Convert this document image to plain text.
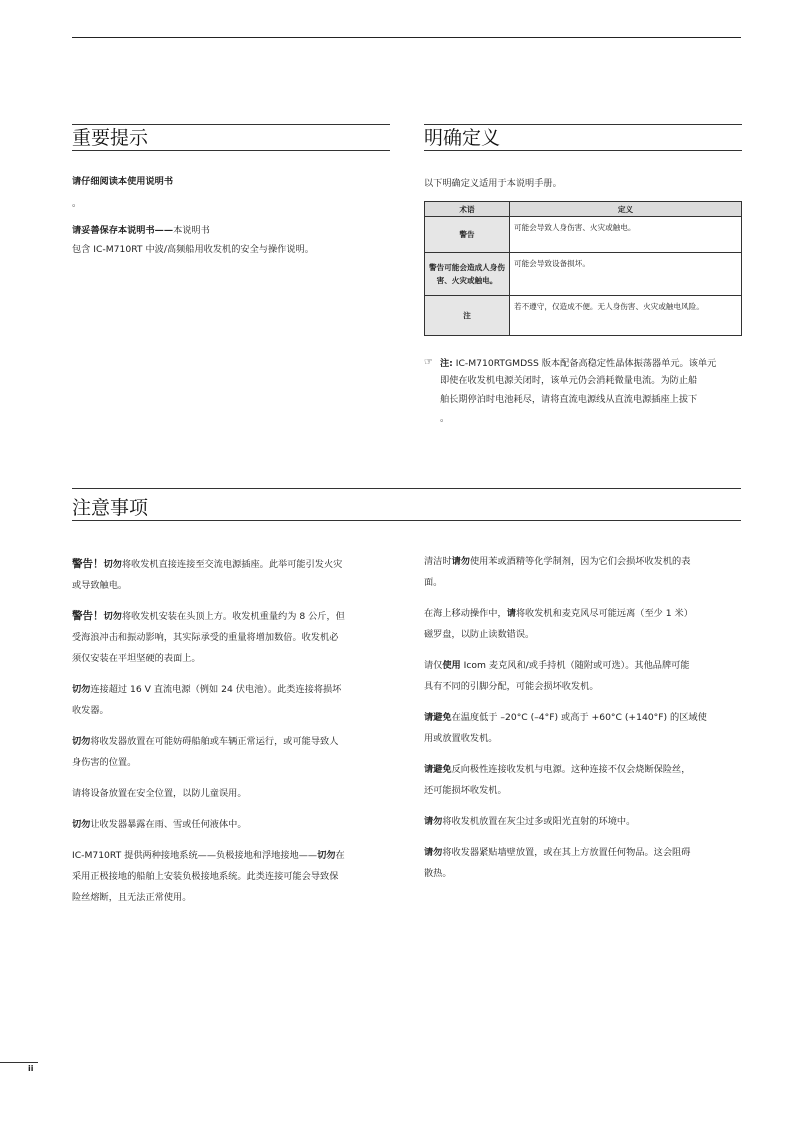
重要提示

请仔细阅读本使用说明书

。

请妥善保存本说明书——本说明书

包含 IC-M710RT 中波/高频船用收发机的安全与操作说明。

明确定义
以下明确定义适用于本说明手册。
术语	定义
警告	可能会导致人身伤害、火灾或触电。
警告可能会造成人身伤害、火灾或触电。	可能会导致设备损坏。
注	若不遵守，仅造成不便。无人身伤害、火灾或触电风险。
☞ 注: IC-M710RTGMDSS 版本配备高稳定性晶体振荡器单元。该单元

即使在收发机电源关闭时，该单元仍会消耗微量电流。为防止船

舶长期停泊时电池耗尽，请将直流电源线从直流电源插座上拔下

。

注意事项

警告！切勿将收发机直接连接至交流电源插座。此举可能引发火灾

或导致触电。

警告！切勿将收发机安装在头顶上方。收发机重量约为 8 公斤，但

受海浪冲击和振动影响，其实际承受的重量将增加数倍。收发机必

须仅安装在平坦坚硬的表面上。

切勿连接超过 16 V 直流电源（例如 24 伏电池）。此类连接将损坏

收发器。

切勿将收发器放置在可能妨碍船舶或车辆正常运行，或可能导致人

身伤害的位置。

请将设备放置在安全位置，以防儿童误用。

切勿让收发器暴露在雨、雪或任何液体中。

IC-M710RT 提供两种接地系统——负极接地和浮地接地——切勿在

采用正极接地的船舶上安装负极接地系统。此类连接可能会导致保

险丝熔断，且无法正常使用。

清洁时请勿使用苯或酒精等化学制剂，因为它们会损坏收发机的表

面。

在海上移动操作中，请将收发机和麦克风尽可能远离（至少 1 米）

磁罗盘，以防止读数错误。

请仅使用 Icom 麦克风和/或手持机（随附或可选）。其他品牌可能

具有不同的引脚分配，可能会损坏收发机。

请避免在温度低于 –20°C (–4°F) 或高于 +60°C (+140°F) 的区域使

用或放置收发机。

请避免反向极性连接收发机与电源。这种连接不仅会烧断保险丝，

还可能损坏收发机。

请勿将收发机放置在灰尘过多或阳光直射的环境中。

请勿将收发器紧贴墙壁放置，或在其上方放置任何物品。这会阻碍

散热。

ii
